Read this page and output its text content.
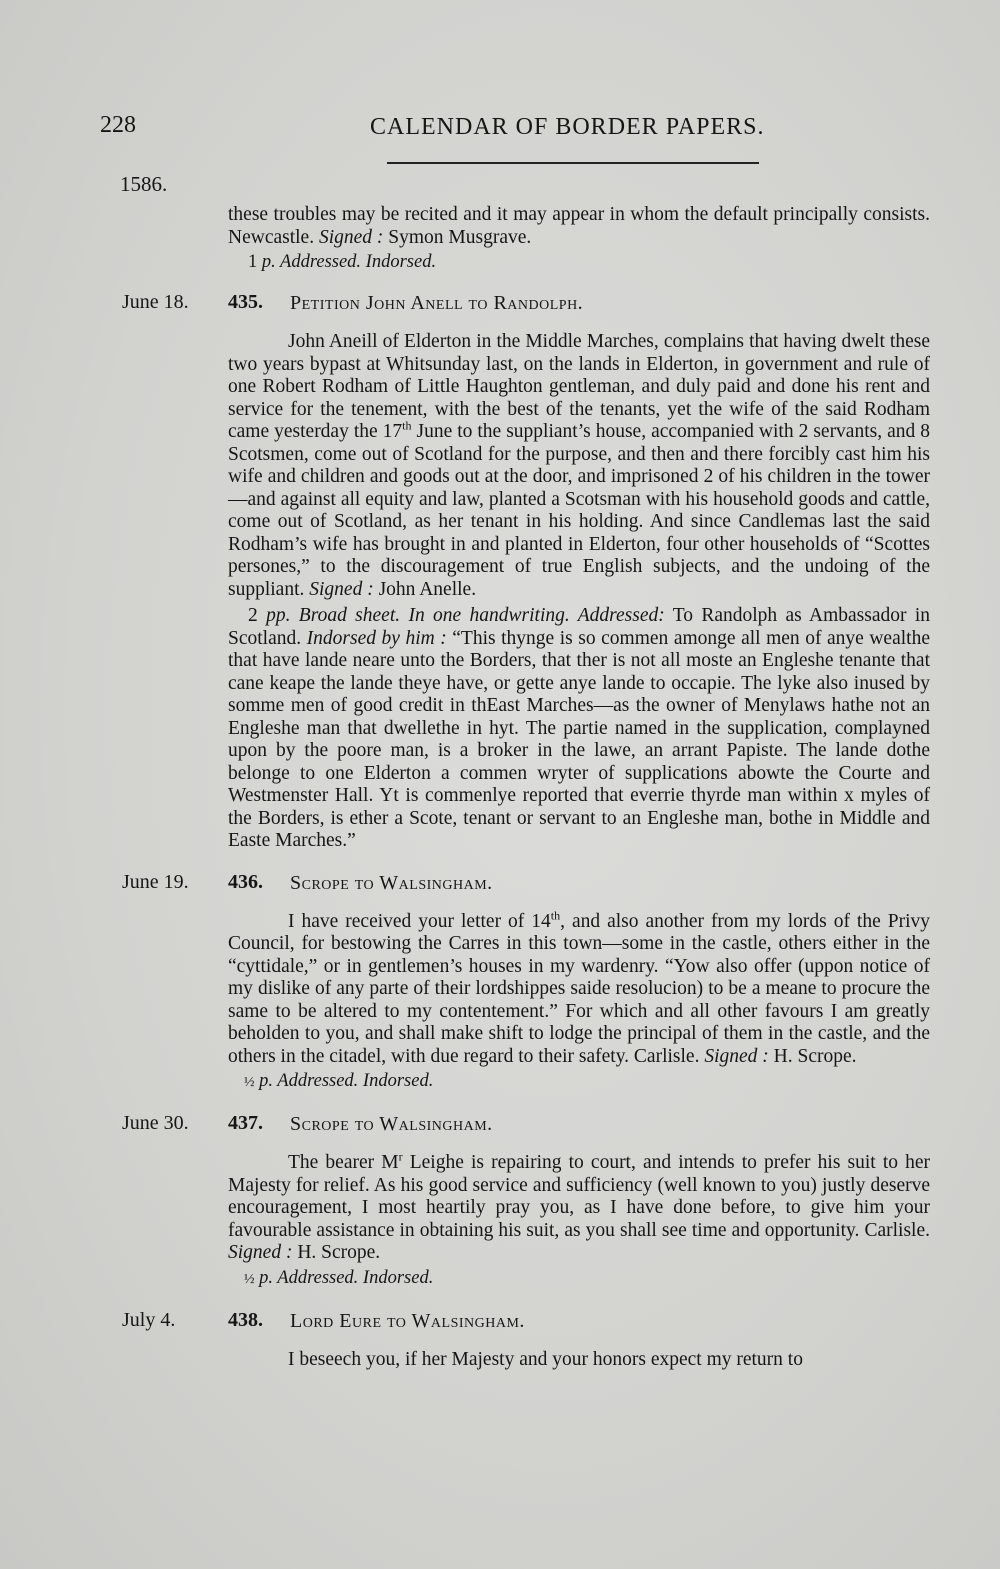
228	CALENDAR OF BORDER PAPERS.
1586.

these troubles may be recited and it may appear in whom the default principally consists. Newcastle. Signed : Symon Musgrave.

1 p. Addressed. Indorsed.

June 18. 435. Petition John Anell to Randolph.

John Aneill of Elderton in the Middle Marches, complains that having dwelt these two years bypast at Whitsunday last, on the lands in Elderton, in government and rule of one Robert Rodham of Little Haughton gentleman, and duly paid and done his rent and service for the tenement, with the best of the tenants, yet the wife of the said Rodham came yesterday the 17th June to the suppliant’s house, accompanied with 2 servants, and 8 Scotsmen, come out of Scotland for the purpose, and then and there forcibly cast him his wife and children and goods out at the door, and imprisoned 2 of his children in the tower—and against all equity and law, planted a Scotsman with his household goods and cattle, come out of Scotland, as her tenant in his holding. And since Candlemas last the said Rodham’s wife has brought in and planted in Elderton, four other households of “Scottes persones,” to the discouragement of true English subjects, and the undoing of the suppliant. Signed : John Anelle.

2 pp. Broad sheet. In one handwriting. Addressed: To Randolph as Ambassador in Scotland. Indorsed by him : “This thynge is so commen amonge all men of anye wealthe that have lande neare unto the Borders, that ther is not all moste an Engleshe tenante that cane keape the lande theye have, or gette anye lande to occapie. The lyke also inused by somme men of good credit in thEast Marches—as the owner of Menylaws hathe not an Engleshe man that dwellethe in hyt. The partie named in the supplication, complayned upon by the poore man, is a broker in the lawe, an arrant Papiste. The lande dothe belonge to one Elderton a commen wryter of supplications abowte the Courte and Westmenster Hall. Yt is commenlye reported that everrie thyrde man within x myles of the Borders, is ether a Scote, tenant or servant to an Engleshe man, bothe in Middle and Easte Marches.”

June 19. 436. Scrope to Walsingham.

I have received your letter of 14th, and also another from my lords of the Privy Council, for bestowing the Carres in this town—some in the castle, others either in the “cyttidale,” or in gentlemen’s houses in my wardenry. “Yow also offer (uppon notice of my dislike of any parte of their lordshippes saide resolucion) to be a meane to procure the same to be altered to my contentement.” For which and all other favours I am greatly beholden to you, and shall make shift to lodge the principal of them in the castle, and the others in the citadel, with due regard to their safety. Carlisle. Signed : H. Scrope.

½ p. Addressed. Indorsed.

June 30. 437. Scrope to Walsingham.

The bearer $M^r$ Leighe is repairing to court, and intends to prefer his suit to her Majesty for relief. As his good service and sufficiency (well known to you) justly deserve encouragement, I most heartily pray you, as I have done before, to give him your favourable assistance in obtaining his suit, as you shall see time and opportunity. Carlisle. Signed : H. Scrope.

½ p. Addressed. Indorsed.

July 4.	438. Lord Eure to Walsingham.

I beseech you, if her Majesty and your honors expect my return to
